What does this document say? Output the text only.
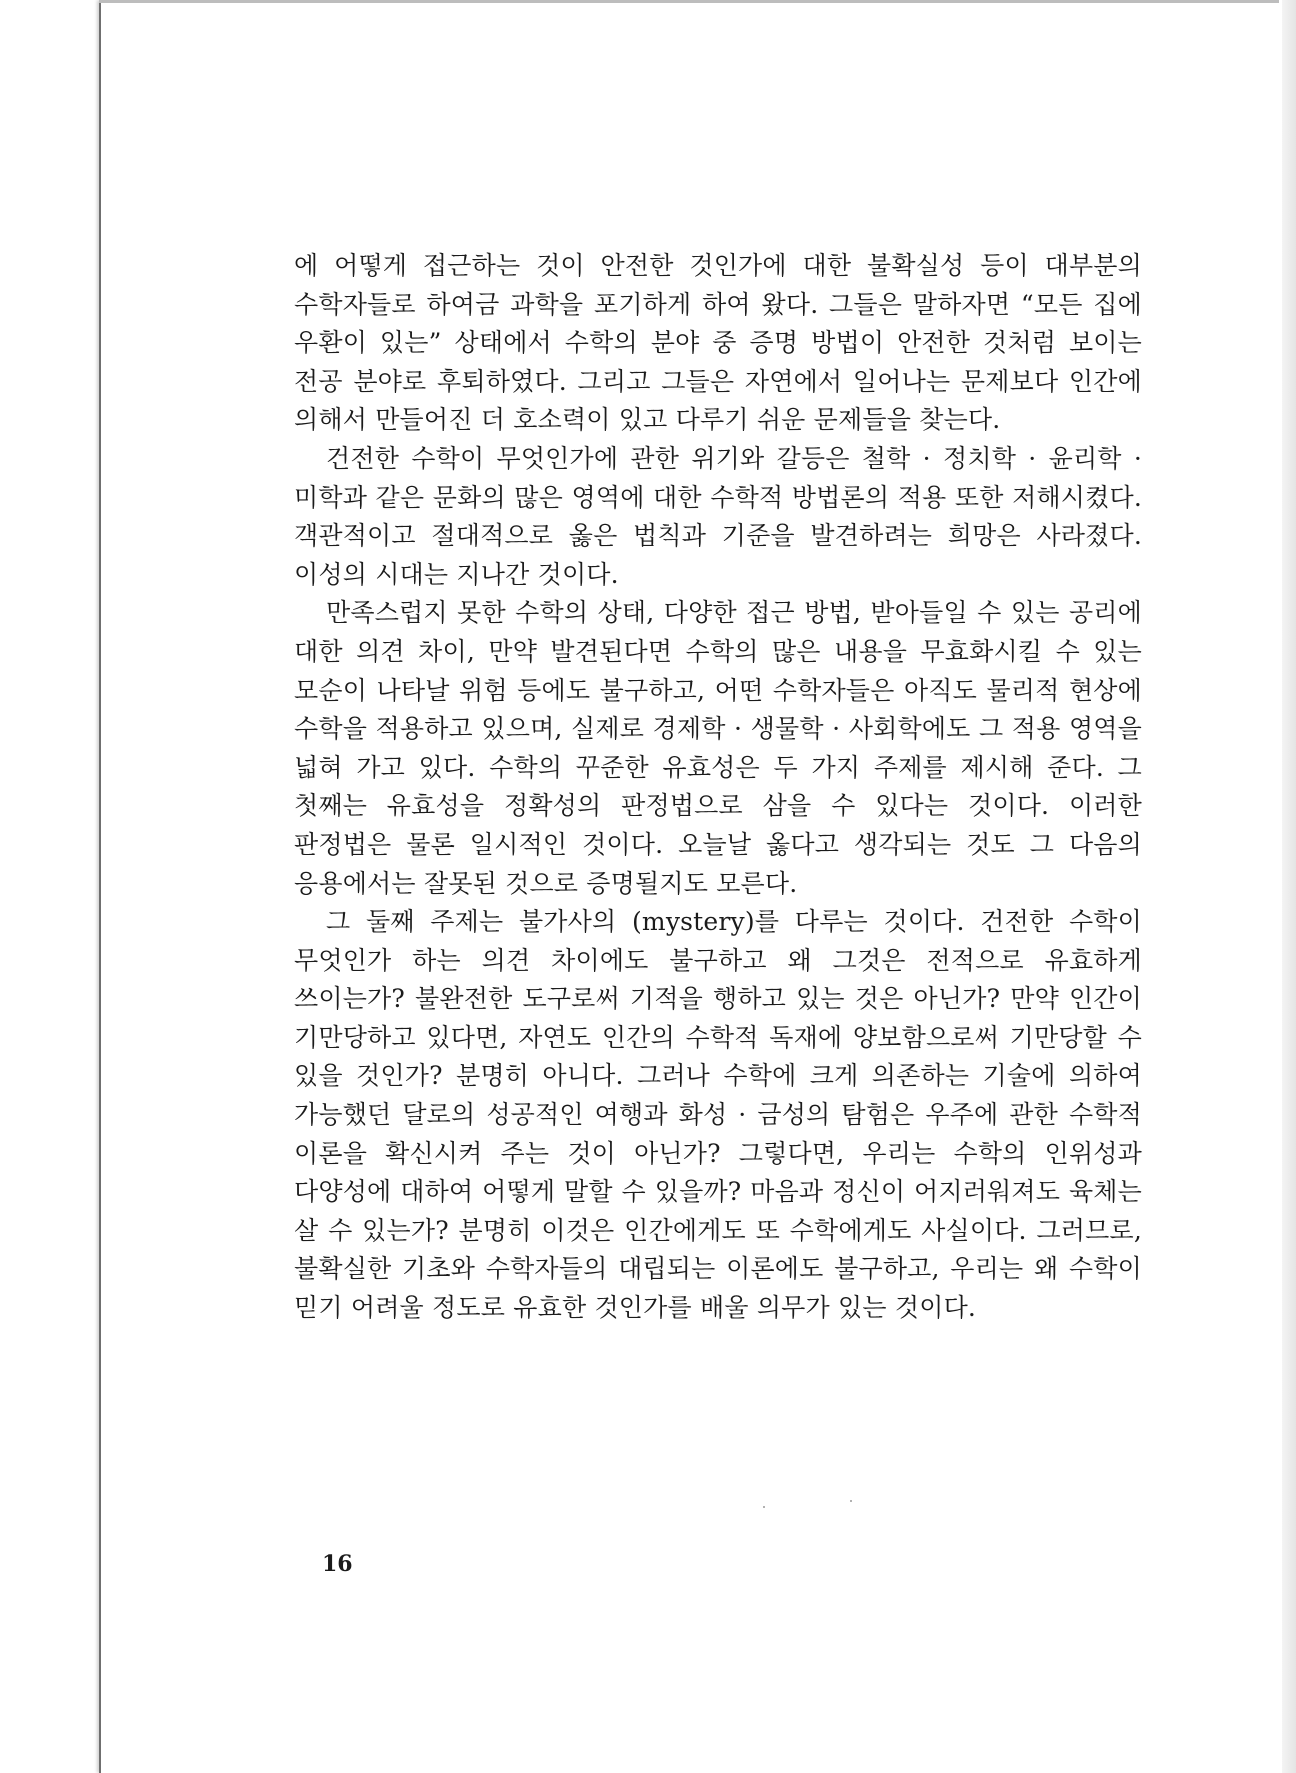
에 어떻게 접근하는 것이 안전한 것인가에 대한 불확실성 등이 대부분의 수학자들로 하여금 과학을 포기하게 하여 왔다. 그들은 말하자면 “모든 집에 우환이 있는” 상태에서 수학의 분야 중 증명 방법이 안전한 것처럼 보이는 전공 분야로 후퇴하였다. 그리고 그들은 자연에서 일어나는 문제보다 인간에 의해서 만들어진 더 호소력이 있고 다루기 쉬운 문제들을 찾는다.

건전한 수학이 무엇인가에 관한 위기와 갈등은 철학 · 정치학 · 윤리학 · 미학과 같은 문화의 많은 영역에 대한 수학적 방법론의 적용 또한 저해시켰다. 객관적이고 절대적으로 옳은 법칙과 기준을 발견하려는 희망은 사라졌다. 이성의 시대는 지나간 것이다.

만족스럽지 못한 수학의 상태, 다양한 접근 방법, 받아들일 수 있는 공리에 대한 의견 차이, 만약 발견된다면 수학의 많은 내용을 무효화시킬 수 있는 모순이 나타날 위험 등에도 불구하고, 어떤 수학자들은 아직도 물리적 현상에 수학을 적용하고 있으며, 실제로 경제학 · 생물학 · 사회학에도 그 적용 영역을 넓혀 가고 있다. 수학의 꾸준한 유효성은 두 가지 주제를 제시해 준다. 그 첫째는 유효성을 정확성의 판정법으로 삼을 수 있다는 것이다. 이러한 판정법은 물론 일시적인 것이다. 오늘날 옳다고 생각되는 것도 그 다음의 응용에서는 잘못된 것으로 증명될지도 모른다.

그 둘째 주제는 불가사의 (mystery)를 다루는 것이다. 건전한 수학이 무엇인가 하는 의견 차이에도 불구하고 왜 그것은 전적으로 유효하게 쓰이는가? 불완전한 도구로써 기적을 행하고 있는 것은 아닌가? 만약 인간이 기만당하고 있다면, 자연도 인간의 수학적 독재에 양보함으로써 기만당할 수 있을 것인가? 분명히 아니다. 그러나 수학에 크게 의존하는 기술에 의하여 가능했던 달로의 성공적인 여행과 화성 · 금성의 탐험은 우주에 관한 수학적 이론을 확신시켜 주는 것이 아닌가? 그렇다면, 우리는 수학의 인위성과 다양성에 대하여 어떻게 말할 수 있을까? 마음과 정신이 어지러워져도 육체는 살 수 있는가? 분명히 이것은 인간에게도 또 수학에게도 사실이다. 그러므로, 불확실한 기초와 수학자들의 대립되는 이론에도 불구하고, 우리는 왜 수학이 믿기 어려울 정도로 유효한 것인가를 배울 의무가 있는 것이다.

16
